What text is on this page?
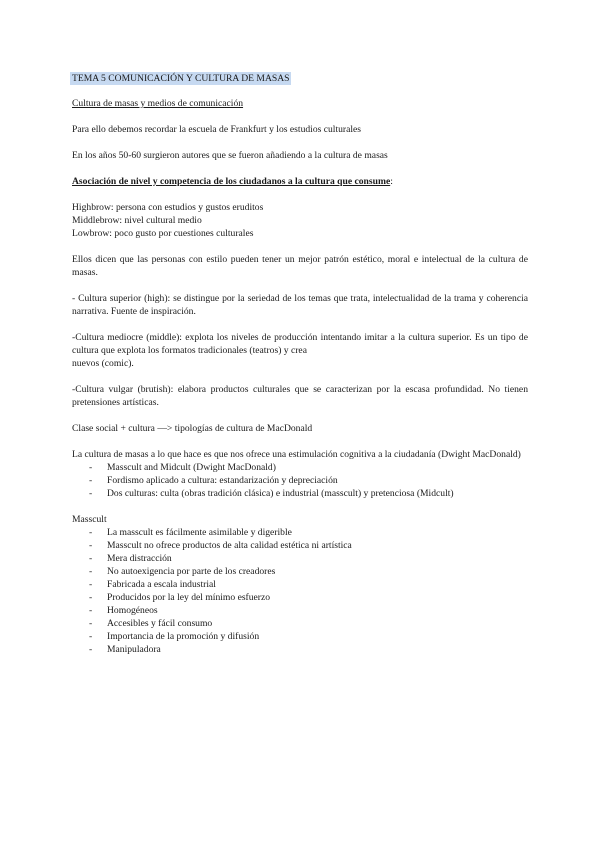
TEMA 5 COMUNICACIÓN Y CULTURA DE MASAS

Cultura de masas y medios de comunicación

Para ello debemos recordar la escuela de Frankfurt y los estudios culturales

En los años 50-60 surgieron autores que se fueron añadiendo a la cultura de masas

Asociación de nivel y competencia de los ciudadanos a la cultura que consume:

Highbrow: persona con estudios y gustos eruditos

Middlebrow: nivel cultural medio

Lowbrow: poco gusto por cuestiones culturales

Ellos dicen que las personas con estilo pueden tener un mejor patrón estético, moral e intelectual de la cultura de masas.

- Cultura superior (high): se distingue por la seriedad de los temas que trata, intelectualidad de la trama y coherencia narrativa. Fuente de inspiración.

-Cultura mediocre (middle): explota los niveles de producción intentando imitar a la cultura superior. Es un tipo de cultura que explota los formatos tradicionales (teatros) y crea

nuevos (comic).

-Cultura vulgar (brutish): elabora productos culturales que se caracterizan por la escasa profundidad. No tienen pretensiones artísticas.

Clase social + cultura —> tipologías de cultura de MacDonald

La cultura de masas a lo que hace es que nos ofrece una estimulación cognitiva a la ciudadanía (Dwight MacDonald)

- Masscult and Midcult (Dwight MacDonald)
- Fordismo aplicado a cultura: estandarización y depreciación
- Dos culturas: culta (obras tradición clásica) e industrial (masscult) y pretenciosa (Midcult)

Masscult

- La masscult es fácilmente asimilable y digerible
- Masscult no ofrece productos de alta calidad estética ni artística
- Mera distracción
- No autoexigencia por parte de los creadores
- Fabricada a escala industrial
- Producidos por la ley del mínimo esfuerzo
- Homogéneos
- Accesibles y fácil consumo
- Importancia de la promoción y difusión
- Manipuladora
